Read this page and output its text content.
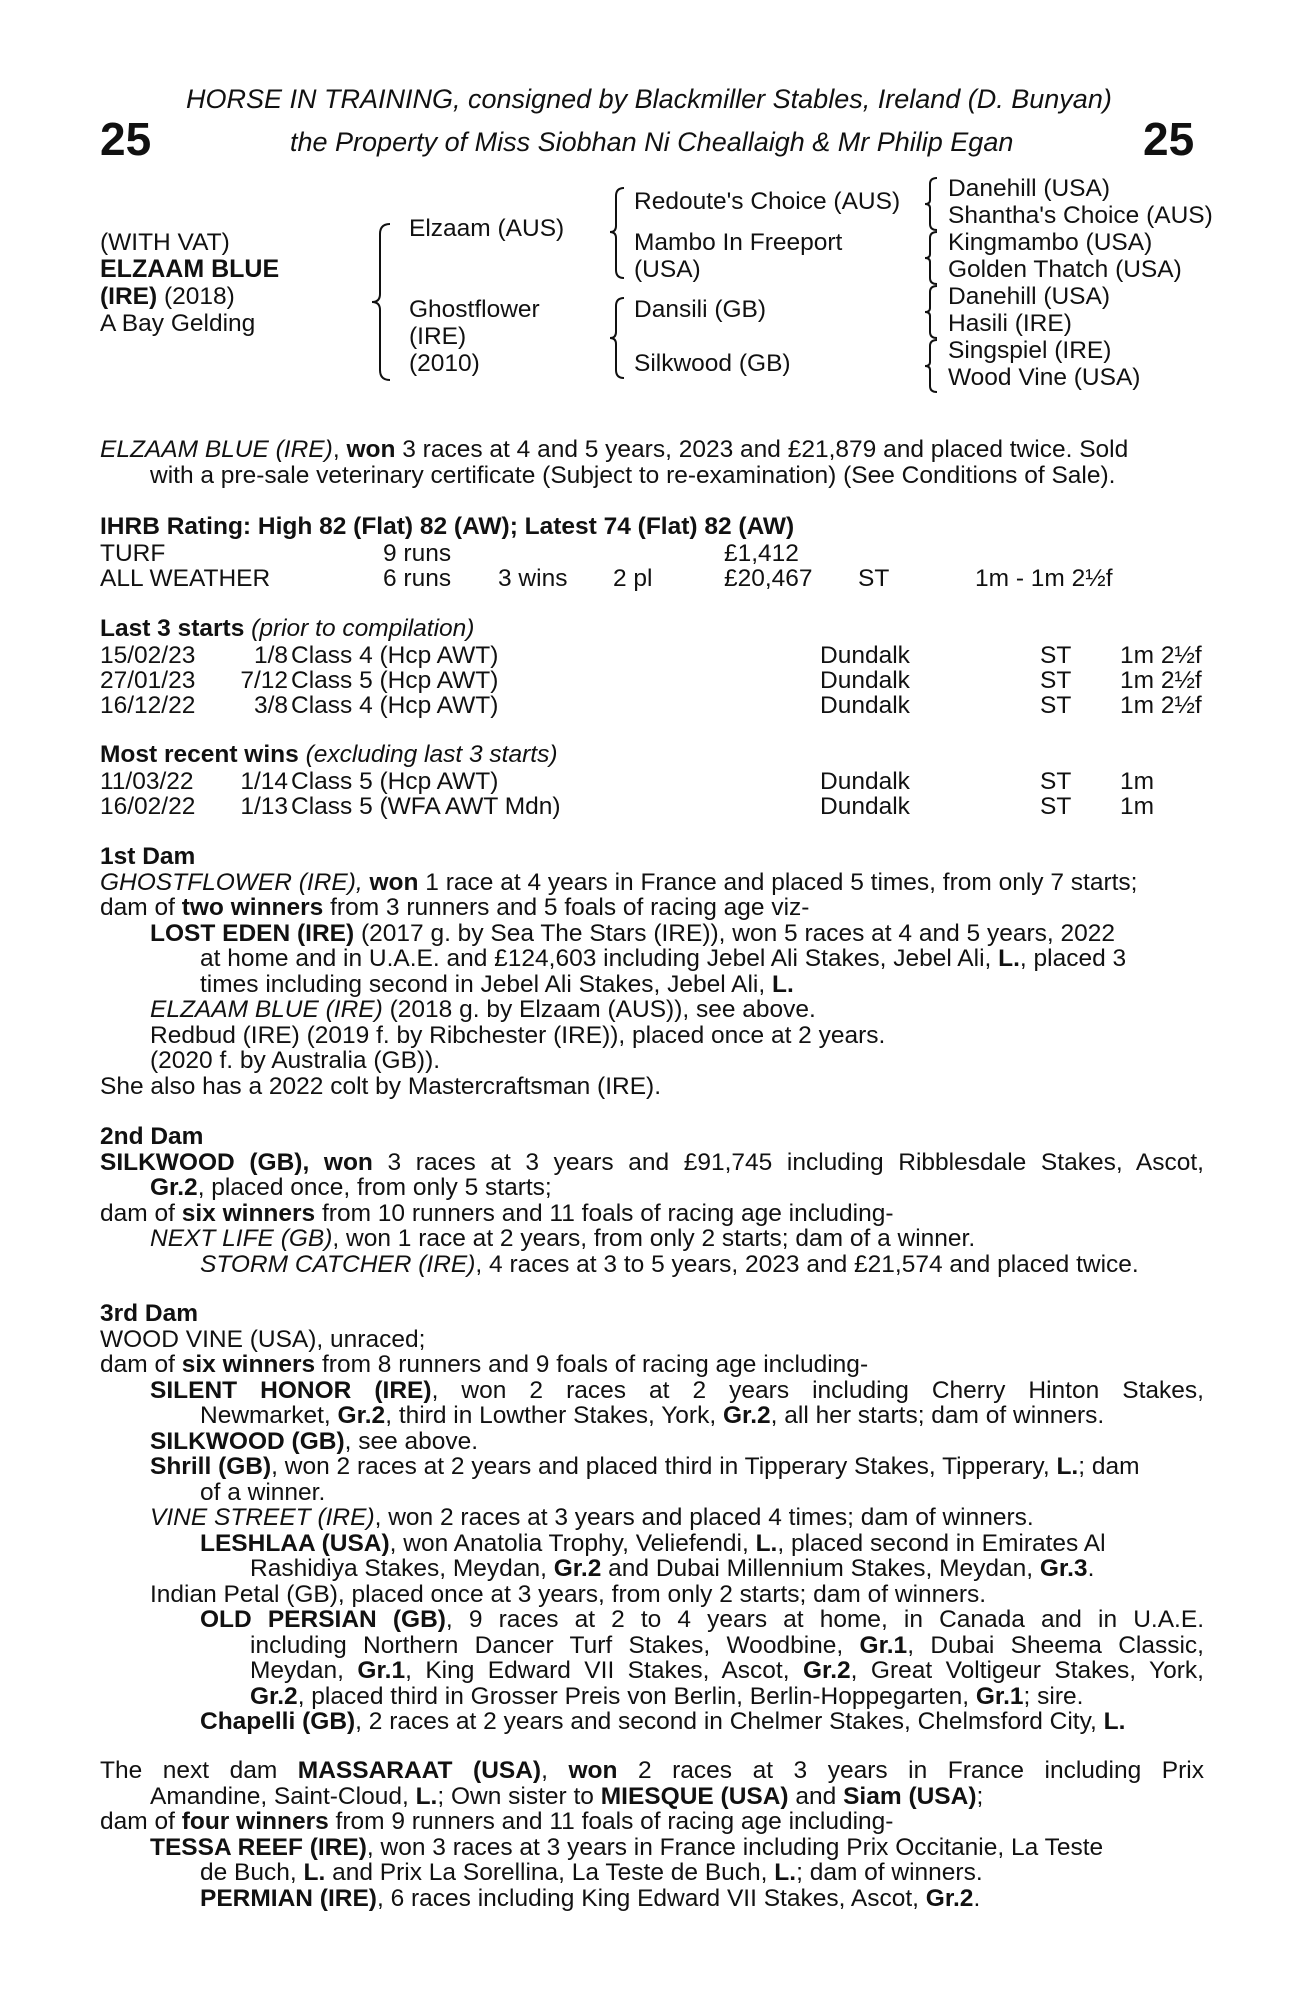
25	25
HORSE IN TRAINING, consigned by Blackmiller Stables, Ireland (D. Bunyan)
the Property of Miss Siobhan Ni Cheallaigh & Mr Philip Egan
(WITH VAT)
ELZAAM BLUE
(IRE) (2018)
A Bay Gelding
Elzaam (AUS)
Ghostflower
(IRE)
(2010)
Redoute's Choice (AUS)
Mambo In Freeport
(USA)
Dansili (GB)
Silkwood (GB)
Danehill (USA)
Shantha's Choice (AUS)
Kingmambo (USA)
Golden Thatch (USA)
Danehill (USA)
Hasili (IRE)
Singspiel (IRE)
Wood Vine (USA)
ELZAAM BLUE (IRE), won 3 races at 4 and 5 years, 2023 and £21,879 and placed twice. Sold
with a pre-sale veterinary certificate (Subject to re-examination) (See Conditions of Sale).
IHRB Rating: High 82 (Flat) 82 (AW); Latest 74 (Flat) 82 (AW)
TURF	9 runs	£1,412
ALL WEATHER	6 runs 3 wins 2 pl	£20,467 ST	1m - 1m 2½f
Last 3 starts (prior to compilation)
15/02/23	1/8 Class 4 (Hcp AWT)	Dundalk	ST 1m 2½f
27/01/23	7/12 Class 5 (Hcp AWT)	Dundalk	ST 1m 2½f
16/12/22	3/8 Class 4 (Hcp AWT)	Dundalk	ST 1m 2½f
Most recent wins (excluding last 3 starts)
11/03/22	1/14 Class 5 (Hcp AWT)	Dundalk	ST 1m
16/02/22	1/13 Class 5 (WFA AWT Mdn)	Dundalk	ST 1m
1st Dam
GHOSTFLOWER (IRE), won 1 race at 4 years in France and placed 5 times, from only 7 starts;
dam of two winners from 3 runners and 5 foals of racing age viz-
LOST EDEN (IRE) (2017 g. by Sea The Stars (IRE)), won 5 races at 4 and 5 years, 2022
at home and in U.A.E. and £124,603 including Jebel Ali Stakes, Jebel Ali, L., placed 3
times including second in Jebel Ali Stakes, Jebel Ali, L.
ELZAAM BLUE (IRE) (2018 g. by Elzaam (AUS)), see above.
Redbud (IRE) (2019 f. by Ribchester (IRE)), placed once at 2 years.
(2020 f. by Australia (GB)).
She also has a 2022 colt by Mastercraftsman (IRE).
2nd Dam
SILKWOOD (GB), won 3 races at 3 years and £91,745 including Ribblesdale Stakes, Ascot,
Gr.2, placed once, from only 5 starts;
dam of six winners from 10 runners and 11 foals of racing age including-
NEXT LIFE (GB), won 1 race at 2 years, from only 2 starts; dam of a winner.
STORM CATCHER (IRE), 4 races at 3 to 5 years, 2023 and £21,574 and placed twice.
3rd Dam
WOOD VINE (USA), unraced;
dam of six winners from 8 runners and 9 foals of racing age including-
SILENT HONOR (IRE), won 2 races at 2 years including Cherry Hinton Stakes,
Newmarket, Gr.2, third in Lowther Stakes, York, Gr.2, all her starts; dam of winners.
SILKWOOD (GB), see above.
Shrill (GB), won 2 races at 2 years and placed third in Tipperary Stakes, Tipperary, L.; dam
of a winner.
VINE STREET (IRE), won 2 races at 3 years and placed 4 times; dam of winners.
LESHLAA (USA), won Anatolia Trophy, Veliefendi, L., placed second in Emirates Al
Rashidiya Stakes, Meydan, Gr.2 and Dubai Millennium Stakes, Meydan, Gr.3.
Indian Petal (GB), placed once at 3 years, from only 2 starts; dam of winners.
OLD PERSIAN (GB), 9 races at 2 to 4 years at home, in Canada and in U.A.E.
including Northern Dancer Turf Stakes, Woodbine, Gr.1, Dubai Sheema Classic,
Meydan, Gr.1, King Edward VII Stakes, Ascot, Gr.2, Great Voltigeur Stakes, York,
Gr.2, placed third in Grosser Preis von Berlin, Berlin-Hoppegarten, Gr.1; sire.
Chapelli (GB), 2 races at 2 years and second in Chelmer Stakes, Chelmsford City, L.
The next dam MASSARAAT (USA), won 2 races at 3 years in France including Prix
Amandine, Saint-Cloud, L.; Own sister to MIESQUE (USA) and Siam (USA);
dam of four winners from 9 runners and 11 foals of racing age including-
TESSA REEF (IRE), won 3 races at 3 years in France including Prix Occitanie, La Teste
de Buch, L. and Prix La Sorellina, La Teste de Buch, L.; dam of winners.
PERMIAN (IRE), 6 races including King Edward VII Stakes, Ascot, Gr.2.
